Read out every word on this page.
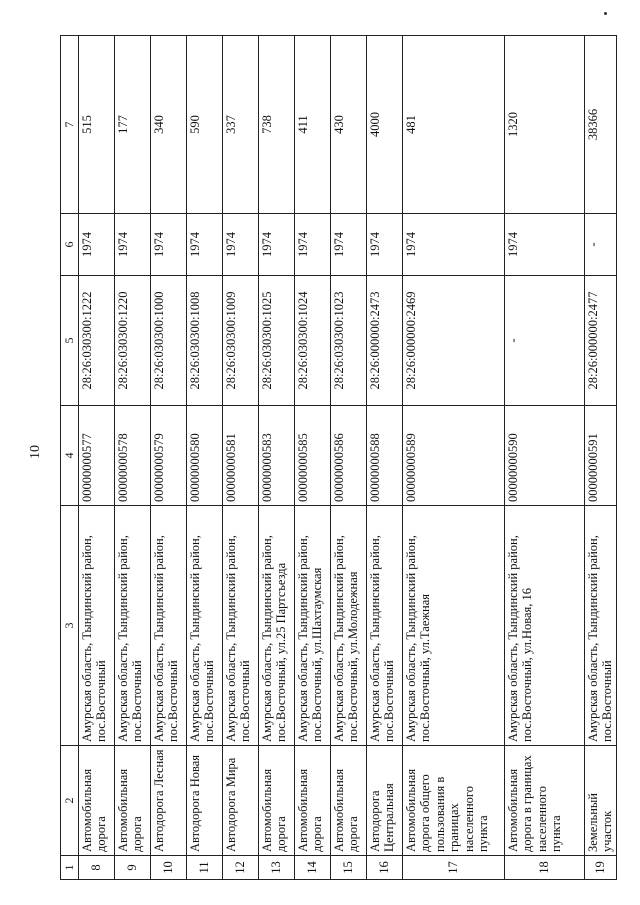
10
1	2	3	4	5	6	7
8	Автомобильная дорога	Амурская область, Тындинский район, пос.Восточный	00000000577	28:26:030300:1222	1974	515
9	Автомобильная дорога	Амурская область, Тындинский район, пос.Восточный	00000000578	28:26:030300:1220	1974	177
10	Автодорога Лесная	Амурская область, Тындинский район, пос.Восточный	00000000579	28:26:030300:1000	1974	340
11	Автодорога Новая	Амурская область, Тындинский район, пос.Восточный	00000000580	28:26:030300:1008	1974	590
12	Автодорога Мира	Амурская область, Тындинский район, пос.Восточный	00000000581	28:26:030300:1009	1974	337
13	Автомобильная дорога	Амурская область, Тындинский район, пос.Восточный, ул.25 Партсъезда	00000000583	28:26:030300:1025	1974	738
14	Автомобильная дорога	Амурская область, Тындинский район, пос.Восточный, ул.Шахтаумская	00000000585	28:26:030300:1024	1974	411
15	Автомобильная дорога	Амурская область, Тындинский район, пос.Восточный, ул.Молодежная	00000000586	28:26:030300:1023	1974	430
16	Автодорога Центральная	Амурская область, Тындинский район, пос.Восточный	00000000588	28:26:000000:2473	1974	4000
17	Автомобильная дорога общего пользования в границах населенного пункта	Амурская область, Тындинский район, пос.Восточный, ул.Таежная	00000000589	28:26:000000:2469	1974	481
18	Автомобильная дорога в границах населенного пункта	Амурская область, Тындинский район, пос.Восточный, ул.Новая, 16	00000000590	-	1974	1320
19	Земельный участок	Амурская область, Тындинский район, пос.Восточный	00000000591	28:26:000000:2477	-	38366
